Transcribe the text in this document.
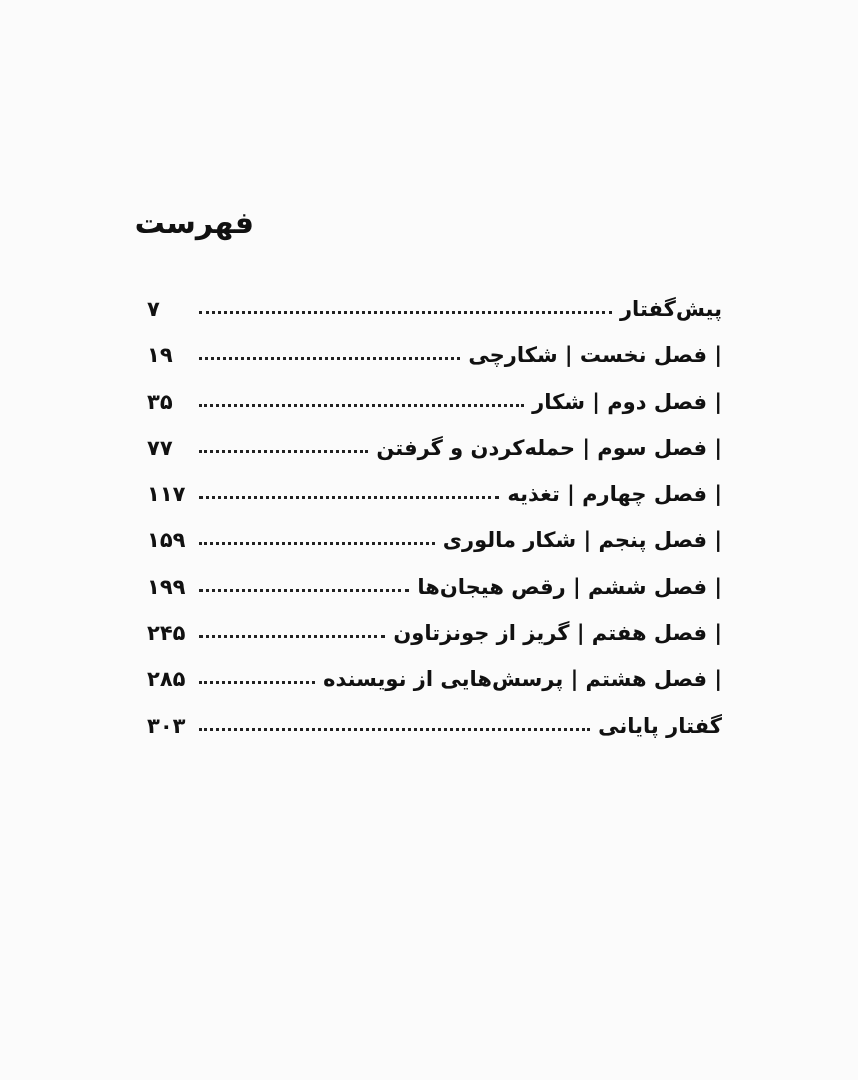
فهرست
پیش‌گفتار
۷
| فصل نخست | شکارچی
۱۹
| فصل دوم | شکار
۳۵
| فصل سوم | حمله‌کردن و گرفتن
۷۷
| فصل چهارم | تغذیه
۱۱۷
| فصل پنجم | شکار مالوری
۱۵۹
| فصل ششم | رقص هیجان‌ها
۱۹۹
| فصل هفتم | گریز از جونزتاون
۲۴۵
| فصل هشتم | پرسش‌هایی از نویسنده
۲۸۵
گفتار پایانی
۳۰۳
